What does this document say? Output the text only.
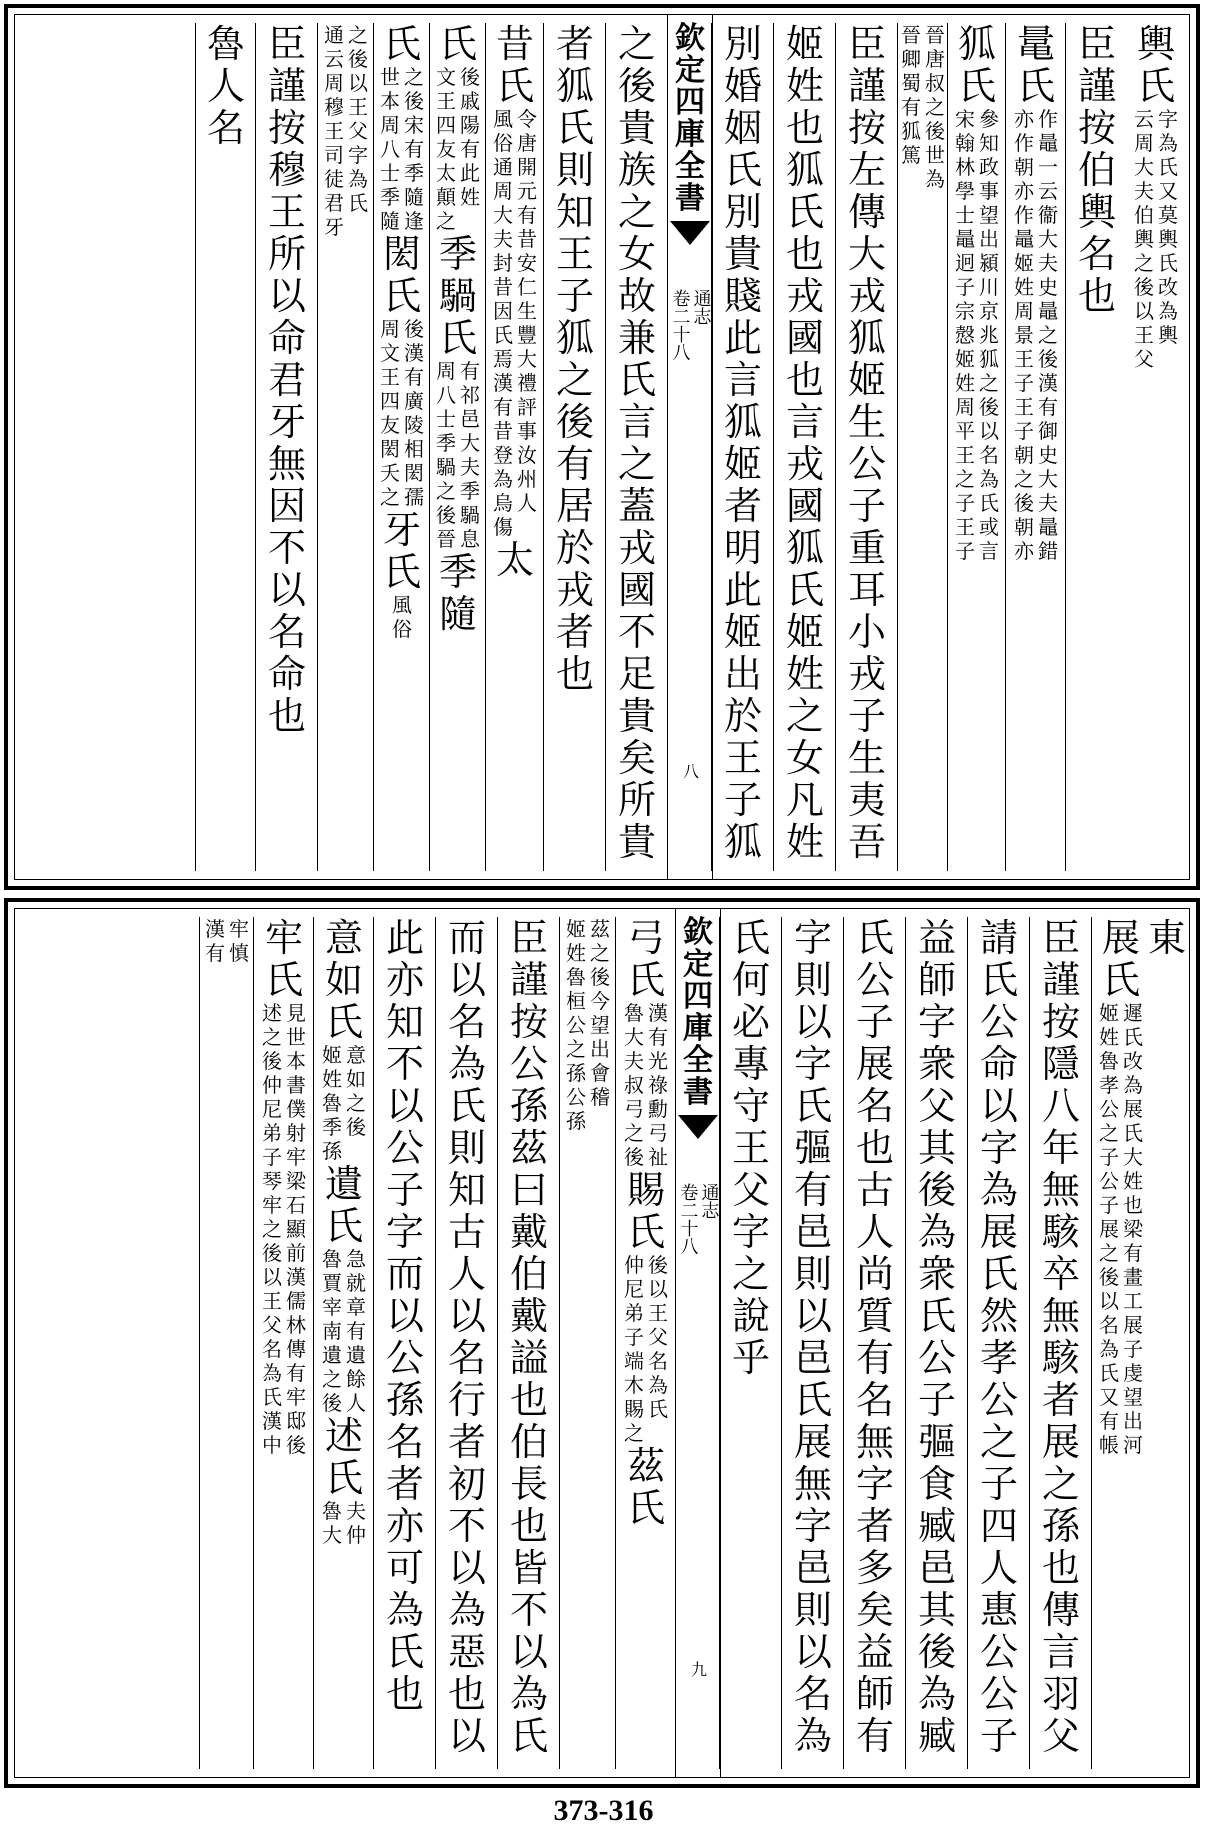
輿
氏
字
為
氏
又
莫
輿
氏
改
為
輿
云
周
大
夫
伯
輿
之
後
以
王
父
臣
謹
按
伯
輿
名
也
鼌
氏
作
鼂
一
云
衞
大
夫
史
鼂
之
後
漢
有
御
史
大
夫
鼂
錯
亦
作
朝
亦
作
鼂
姬
姓
周
景
王
子
王
子
朝
之
後
朝
亦
狐
氏
參
知
政
事
望
出
潁
川
京
兆
宋
翰
林
學
士
鼂
迥
子
宗
慤
狐
之
後
以
名
為
氏
或
言
姬
姓
周
平
王
之
子
王
子
晉
唐
叔
之
後
世
為
晉
卿
蜀
有
狐
篤
臣
謹
按
左
傳
大
戎
狐
姬
生
公
子
重
耳
小
戎
子
生
夷
吾
姬
姓
也
狐
氏
也
戎
國
也
言
戎
國
狐
氏
姬
姓
之
女
凡
姓
別
婚
姻
氏
別
貴
賤
此
言
狐
姬
者
明
此
姬
出
於
王
子
狐
欽
定
四
庫
全
書
通志
卷二十八
八
之
後
貴
族
之
女
故
兼
氏
言
之
蓋
戎
國
不
足
貴
矣
所
貴
者
狐
氏
則
知
王
子
狐
之
後
有
居
於
戎
者
也
昔
氏
令
唐
開
元
有
昔
安
仁
生
豐
大
禮
評
事
汝
州
人
風
俗
通
周
大
夫
封
昔
因
氏
焉
漢
有
昔
登
為
烏
傷
太
氏
後
戚
陽
有
此
姓
文
王
四
友
太
顛
之
季
騧
氏
有
祁
邑
大
夫
季
騧
息
周
八
士
季
騧
之
後
晉
季
隨
氏
之
後
宋
有
季
隨
逢
世
本
周
八
士
季
隨
閎
氏
後
漢
有
廣
陵
相
閎
孺
周
文
王
四
友
閎
夭
之
牙
氏
風
俗
之
後
以
王
父
字
為
氏
通
云
周
穆
王
司
徒
君
牙
臣
謹
按
穆
王
所
以
命
君
牙
無
因
不
以
名
命
也
魯
人
名
東
展
氏
遲
氏
改
為
展
氏
大
姓
也
梁
有
畫
工
展
子
虔
望
出
河
姬
姓
魯
孝
公
之
子
公
子
展
之
後
以
名
為
氏
又
有
帳
臣
謹
按
隱
八
年
無
駭
卒
無
駭
者
展
之
孫
也
傳
言
羽
父
請
氏
公
命
以
字
為
展
氏
然
孝
公
之
子
四
人
惠
公
公
子
益
師
字
衆
父
其
後
為
衆
氏
公
子
彄
食
臧
邑
其
後
為
臧
氏
公
子
展
名
也
古
人
尚
質
有
名
無
字
者
多
矣
益
師
有
字
則
以
字
氏
彄
有
邑
則
以
邑
氏
展
無
字
邑
則
以
名
為
氏
何
必
專
守
王
父
字
之
說
乎
欽
定
四
庫
全
書
通志
卷二十八
九
弓
氏
漢
有
光
祿
勳
弓
祉
魯
大
夫
叔
弓
之
後
賜
氏
後
以
王
父
名
為
氏
仲
尼
弟
子
端
木
賜
之
茲
氏
茲
之
後
今
望
出
會
稽
姬
姓
魯
桓
公
之
孫
公
孫
臣
謹
按
公
孫
茲
曰
戴
伯
戴
謚
也
伯
長
也
皆
不
以
為
氏
而
以
名
為
氏
則
知
古
人
以
名
行
者
初
不
以
為
惡
也
以
此
亦
知
不
以
公
子
字
而
以
公
孫
名
者
亦
可
為
氏
也
意
如
氏
意
如
之
後
姬
姓
魯
季
孫
遺
氏
急
就
章
有
遺
餘
人
魯
賈
宰
南
遺
之
後
述
氏
夫
仲
魯
大
牢
氏
見
世
本
述
之
後
書
僕
射
牢
梁
石
顯
前
漢
儒
林
傳
有
牢
邸
後
仲
尼
弟
子
琴
牢
之
後
以
王
父
名
為
氏
漢
中
牢
慎
漢
有
373-316
